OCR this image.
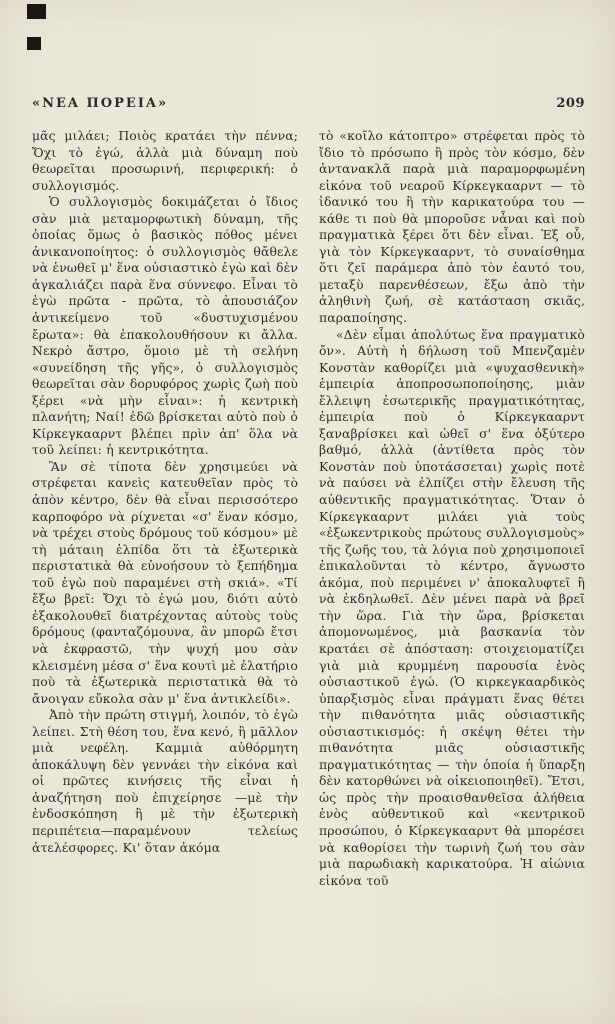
«ΝΕΑ ΠΟΡΕΙΑ»	209

μᾶς μιλάει; Ποιὸς κρατάει τὴν πέννα; Ὄχι τὸ ἐγώ, ἀλλὰ μιὰ δύναμη ποὺ θεωρεῖται προσωρινή, περιφερική: ὁ συλλογισμός.

Ὁ συλλογισμὸς δοκιμάζεται ὁ ἴδιος σὰν μιὰ μεταμορφωτικὴ δύναμη, τῆς ὁποίας ὅμως ὁ βασικὸς πόθος μένει ἀνικανοποίητος: ὁ συλλογισμὸς θἄθελε νὰ ἑνωθεῖ μ' ἕνα οὐσιαστικὸ ἐγὼ καὶ δὲν ἀγκαλιάζει παρὰ ἕνα σύννεφο. Εἶναι τὸ ἐγὼ πρῶτα - πρῶτα, τὸ ἀπουσιάζον ἀντικείμενο τοῦ «δυστυχισμένου ἔρωτα»: θὰ ἐπακολουθήσουν κι ἄλλα. Νεκρὸ ἄστρο, ὅμοιο μὲ τὴ σελήνη «συνείδηση τῆς γῆς», ὁ συλλογισμὸς θεωρεῖται σὰν δορυφόρος χωρὶς ζωὴ ποὺ ξέρει «νὰ μὴν εἶναι»: ἡ κεντρικὴ πλανήτη; Ναί! ἐδῶ βρίσκεται αὐτὸ ποὺ ὁ Κίρκεγκααρντ βλέπει πρὶν ἀπ' ὅλα νὰ τοῦ λείπει: ἡ κεντρικότητα.

Ἂν σὲ τίποτα δὲν χρησιμεύει νὰ στρέφεται κανεὶς κατευθεῖαν πρὸς τὸ ἀπὸν κέντρο, δὲν θὰ εἶναι περισσότερο καρποφόρο νὰ ρίχνεται «σ' ἕναν κόσμο, νὰ τρέχει στοὺς δρόμους τοῦ κόσμου» μὲ τὴ μάταιη ἐλπίδα ὅτι τὰ ἐξωτερικὰ περιστατικὰ θὰ εὐνοήσουν τὸ ξεπήδημα τοῦ ἐγὼ ποὺ παραμένει στὴ σκιά». «Τί ἔξω βρεῖ: Ὄχι τὸ ἐγώ μου, διότι αὐτὸ ἐξακολουθεῖ διατρέχοντας αὐτοὺς τοὺς δρόμους (φανταζόμουνα, ἂν μπορῶ ἔτσι νὰ ἐκφραστῶ, τὴν ψυχή μου σὰν κλεισμένη μέσα σ' ἕνα κουτὶ μὲ ἐλατήριο ποὺ τὰ ἐξωτερικὰ περιστατικὰ θὰ τὸ ἄνοιγαν εὔκολα σὰν μ' ἕνα ἀντικλείδι».

Ἀπὸ τὴν πρώτη στιγμή, λοιπόν, τὸ ἐγὼ λείπει. Στὴ θέση του, ἕνα κενό, ἢ μᾶλλον μιὰ νεφέλη. Καμμιὰ αὐθόρμητη ἀποκάλυψη δὲν γεννάει τὴν εἰκόνα καὶ οἱ πρῶτες κινήσεις τῆς εἶναι ἡ ἀναζήτηση ποὺ ἐπιχείρησε —μὲ τὴν ἐνδοσκόπηση ἢ μὲ τὴν ἐξωτερικὴ περιπέτεια—παραμένουν τελείως ἀτελέσφορες. Κι' ὅταν ἀκόμα

τὸ «κοῖλο κάτοπτρο» στρέφεται πρὸς τὸ ἴδιο τὸ πρόσωπο ἢ πρὸς τὸν κόσμο, δὲν ἀντανακλᾶ παρὰ μιὰ παραμορφωμένη εἰκόνα τοῦ νεαροῦ Κίρκεγκααρντ — τὸ ἰδανικό του ἢ τὴν καρικατούρα του — κάθε τι ποὺ θὰ μποροῦσε νἆναι καὶ ποὺ πραγματικὰ ξέρει ὅτι δὲν εἶναι. Ἐξ οὗ, γιὰ τὸν Κίρκεγκααρντ, τὸ συναίσθημα ὅτι ζεῖ παράμερα ἀπὸ τὸν ἑαυτό του, μεταξὺ παρενθέσεων, ἔξω ἀπὸ τὴν ἀληθινὴ ζωή, σὲ κατάσταση σκιᾶς, παραποίησης.

«Δὲν εἶμαι ἀπολύτως ἕνα πραγματικὸ ὄν». Αὐτὴ ἡ δήλωση τοῦ Μπενζαμὲν Κονστὰν καθορίζει μιὰ «ψυχασθενικὴ» ἐμπειρία ἀποπροσωποποίησης, μιὰν ἔλλειψη ἐσωτερικῆς πραγματικότητας, ἐμπειρία ποὺ ὁ Κίρκεγκααρντ ξαναβρίσκει καὶ ὠθεῖ σ' ἕνα ὀξύτερο βαθμό, ἀλλὰ (ἀντίθετα πρὸς τὸν Κονστὰν ποὺ ὑποτάσσεται) χωρὶς ποτὲ νὰ παύσει νὰ ἐλπίζει στὴν ἔλευση τῆς αὐθεντικῆς πραγματικότητας. Ὅταν ὁ Κίρκεγκααρντ μιλάει γιὰ τοὺς «ἐξωκεντρικοὺς πρώτους συλλογισμοὺς» τῆς ζωῆς του, τὰ λόγια ποὺ χρησιμοποιεῖ ἐπικαλοῦνται τὸ κέντρο, ἄγνωστο ἀκόμα, ποὺ περιμένει ν' ἀποκαλυφτεῖ ἢ νὰ ἐκδηλωθεῖ. Δὲν μένει παρὰ νὰ βρεῖ τὴν ὥρα. Γιὰ τὴν ὥρα, βρίσκεται ἀπομονωμένος, μιὰ βασκανία τὸν κρατάει σὲ ἀπόσταση: στοιχειοματίζει γιὰ μιὰ κρυμμένη παρουσία ἑνὸς οὐσιαστικοῦ ἐγώ. (Ὁ κιρκεγκααρδικὸς ὑπαρξισμὸς εἶναι πράγματι ἕνας θέτει τὴν πιθανότητα μιᾶς οὐσιαστικῆς οὐσιαστικισμός: ἡ σκέψη θέτει τὴν πιθανότητα μιᾶς οὐσιαστικῆς πραγματικότητας — τὴν ὁποία ἡ ὕπαρξη δὲν κατορθώνει νὰ οἰκειοποιηθεῖ). Ἔτσι, ὡς πρὸς τὴν προαισθανθεῖσα ἀλήθεια ἑνὸς αὐθεντικοῦ καὶ «κεντρικοῦ προσώπου, ὁ Κίρκεγκααρντ θὰ μπορέσει νὰ καθορίσει τὴν τωρινὴ ζωή του σὰν μιὰ παρωδιακὴ καρικατούρα. Ἡ αἰώνια εἰκόνα τοῦ
